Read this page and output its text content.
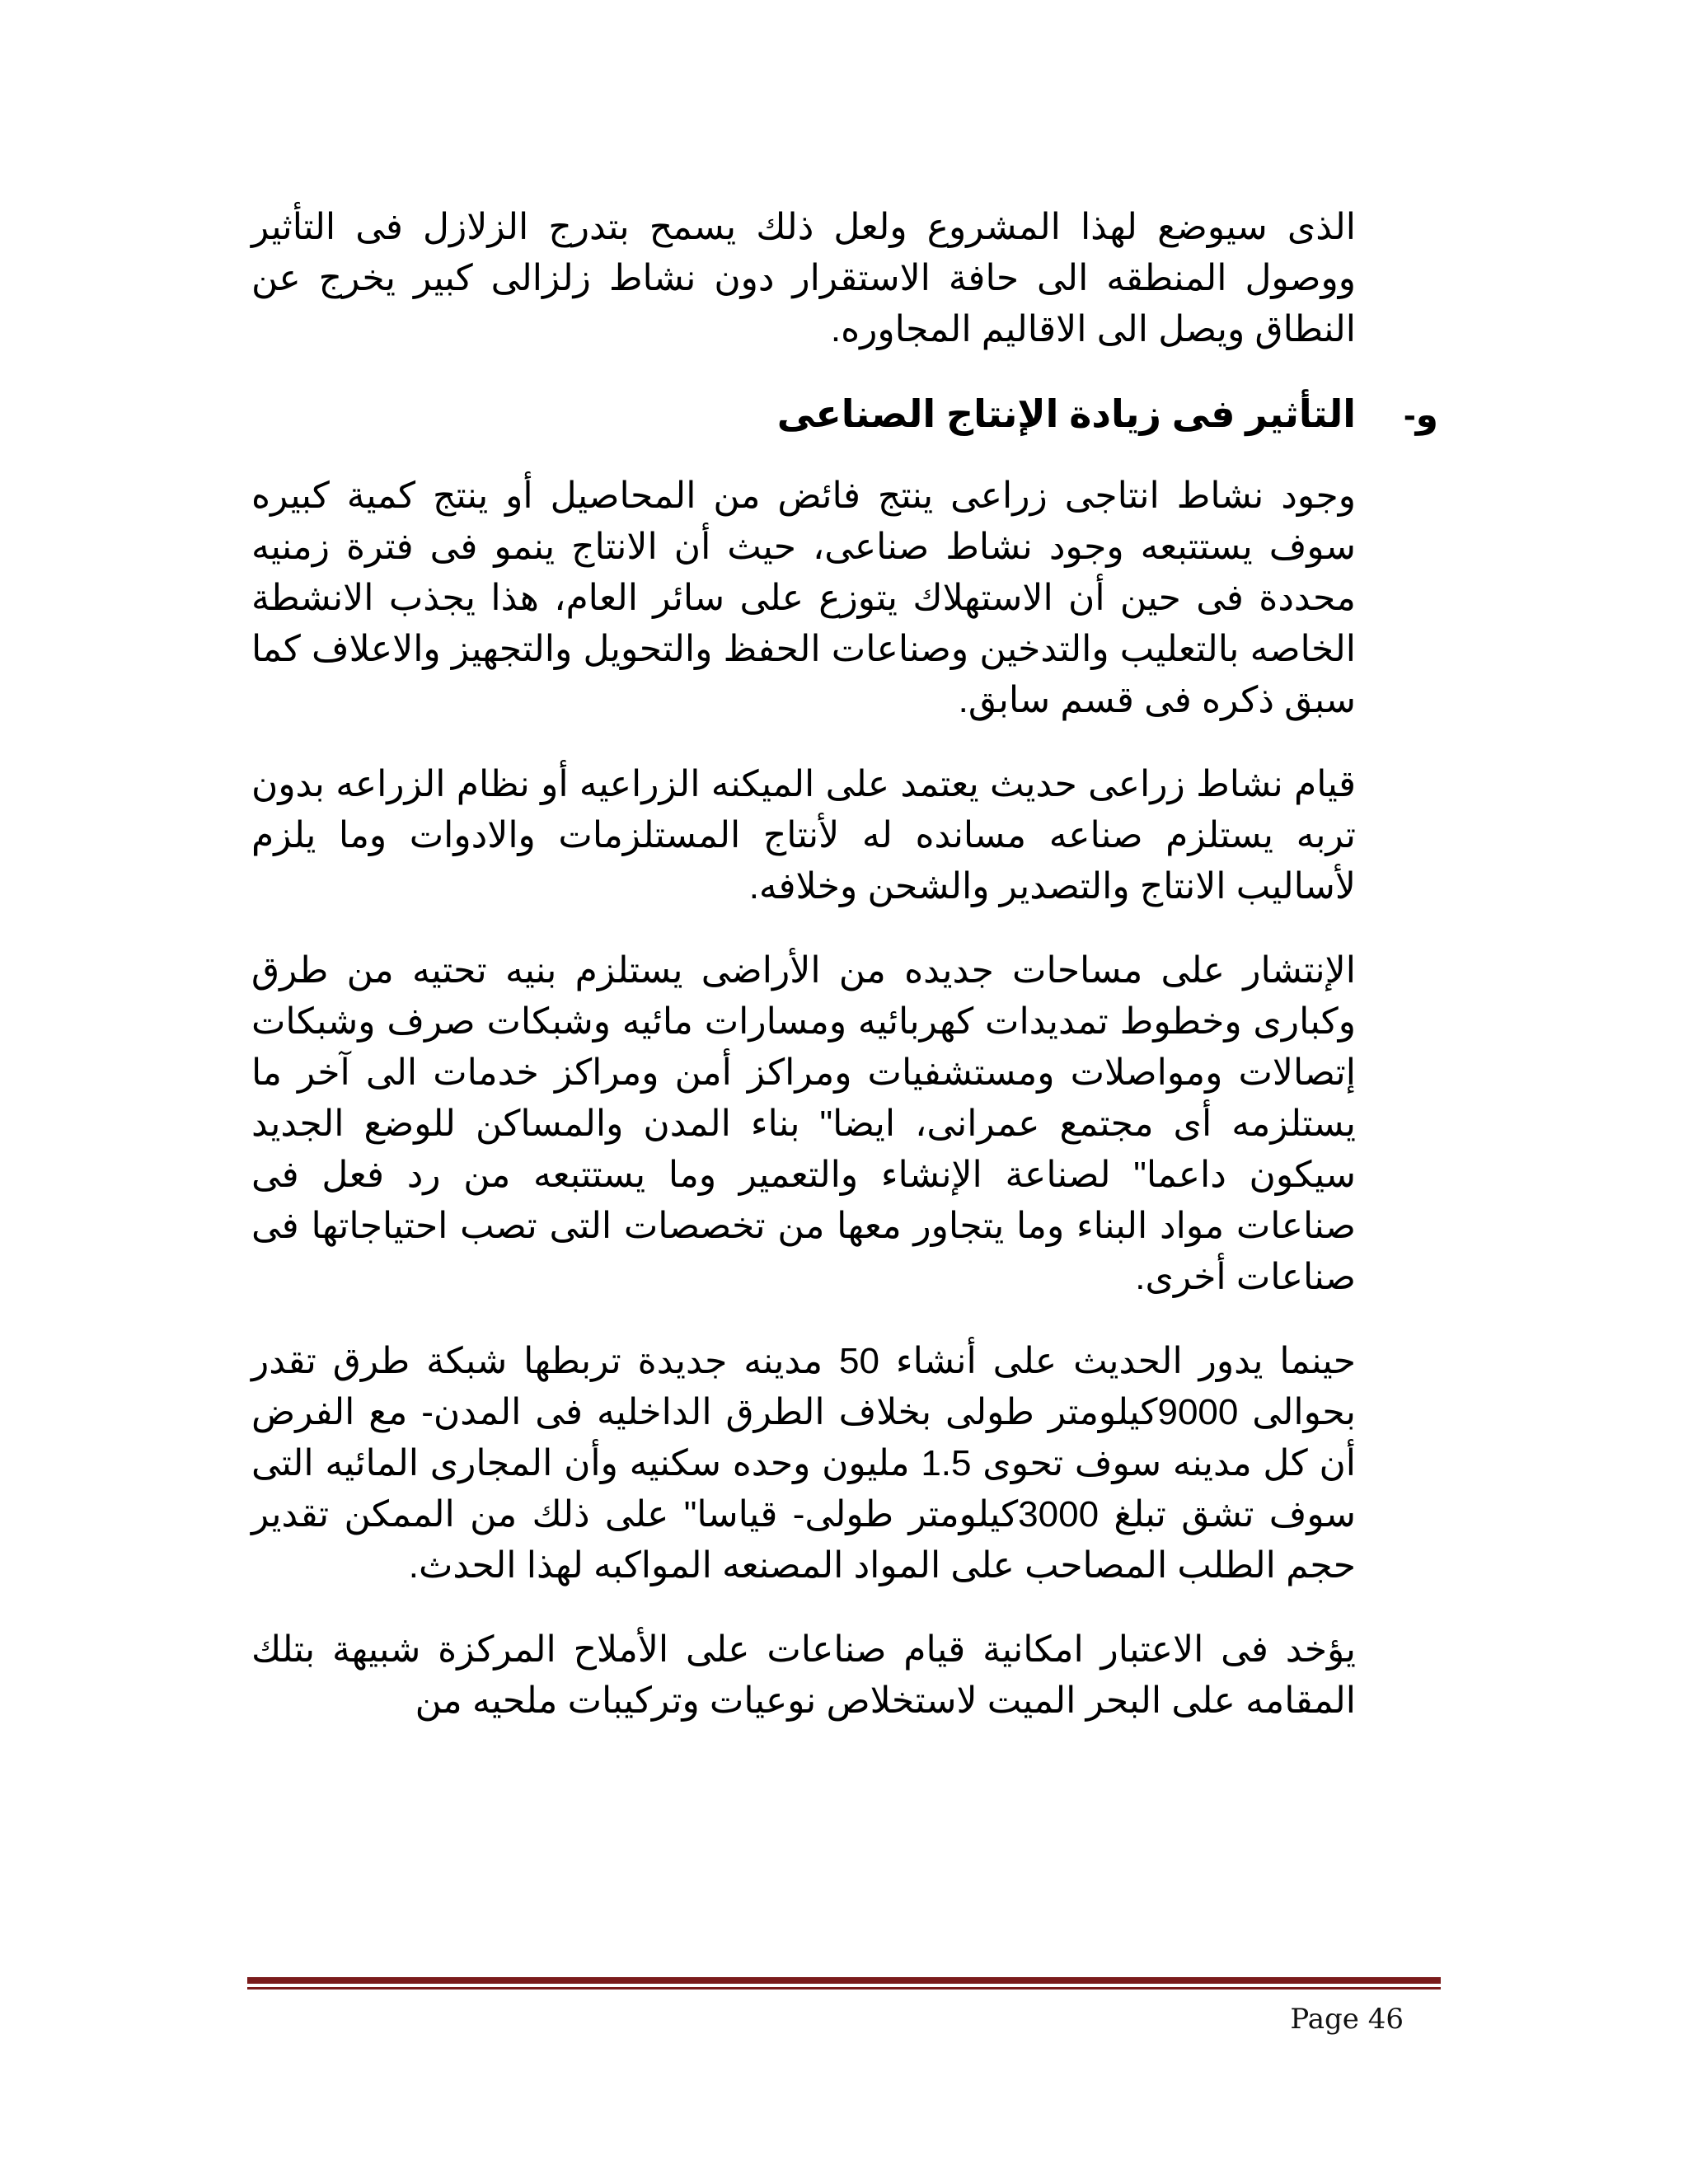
الذى سيوضع لهذا المشروع ولعل ذلك يسمح بتدرج الزلازل فى التأثير ووصول المنطقه الى حافة الاستقرار دون نشاط زلزالى كبير يخرج عن النطاق ويصل الى الاقاليم المجاوره.

و-
التأثير فى زيادة الإنتاج الصناعى

وجود نشاط انتاجى زراعى ينتج فائض من المحاصيل أو ينتج كمية كبيره سوف يستتبعه وجود نشاط صناعى، حيث أن الانتاج ينمو فى فترة زمنيه محددة فى حين أن الاستهلاك يتوزع على سائر العام، هذا يجذب الانشطة الخاصه بالتعليب والتدخين وصناعات الحفظ والتحويل والتجهيز والاعلاف كما سبق ذكره فى قسم سابق.

قيام نشاط زراعى حديث يعتمد على الميكنه الزراعيه أو نظام الزراعه بدون تربه يستلزم صناعه مسانده له لأنتاج المستلزمات والادوات وما يلزم لأساليب الانتاج والتصدير والشحن وخلافه.

الإنتشار على مساحات جديده من الأراضى يستلزم بنيه تحتيه من طرق وكبارى وخطوط تمديدات كهربائيه ومسارات مائيه وشبكات صرف وشبكات إتصالات ومواصلات ومستشفيات ومراكز أمن ومراكز خدمات الى آخر ما يستلزمه أى مجتمع عمرانى، ايضا" بناء المدن والمساكن للوضع الجديد سيكون داعما" لصناعة الإنشاء والتعمير وما يستتبعه من رد فعل فى صناعات مواد البناء وما يتجاور معها من تخصصات التى تصب احتياجاتها فى صناعات أخرى.

حينما يدور الحديث على أنشاء 50 مدينه جديدة تربطها شبكة طرق تقدر بحوالى 9000كيلومتر طولى بخلاف الطرق الداخليه فى المدن- مع الفرض أن كل مدينه سوف تحوى 1.5 مليون وحده سكنيه وأن المجارى المائيه التى سوف تشق تبلغ 3000كيلومتر طولى- قياسا" على ذلك من الممكن تقدير حجم الطلب المصاحب على المواد المصنعه المواكبه لهذا الحدث.

يؤخد فى الاعتبار امكانية قيام صناعات على الأملاح المركزة شبيهة بتلك المقامه على البحر الميت لاستخلاص نوعيات وتركيبات ملحيه من

Page 46
